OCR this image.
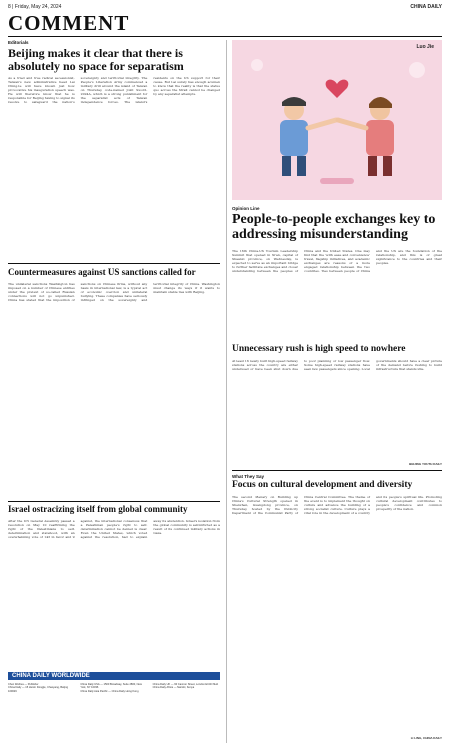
8 | Friday, May 24, 2024	CHINA DAILY
COMMENT
Editorials
Beijing makes it clear that there is absolutely no space for separatism
As a tried and true radical secessionist, Taiwan's new administrative head Lai Ching-te will have known just how provocative his inauguration speech was. He will therefore know that he is responsible for Beijing having to signal its resolve to safeguard the nation's sovereignty and territorial integrity. The People's Liberation Army commenced a military drill around the island of Taiwan on Thursday, code-named Joint Sword-2024A, which is a strong punishment for the separatist acts of Taiwan independence forces. The island's residents on the US support for their cause. But Lai surely has enough acumen to know that the reality is that the status quo across the Strait cannot be changed by any separatist attempts.
Countermeasures against US sanctions called for
The unilateral sanctions Washington has imposed on a number of Chinese entities under the pretext of so-called Russian connections will not go unpunished. China has stated that the imposition of sanctions on Chinese firms, without any basis in international law, is a typical act of economic coercion and unilateral bullying. These companies have seriously infringed on the sovereignty and territorial integrity of China. Washington must change its ways if it wants to maintain stable ties with Beijing.
Israel ostracizing itself from global community
After the UN General Assembly passed a resolution on May 10 reaffirming the right of the Palestinians to self-determination and statehood, with an overwhelming vote of 143 in favor and 9 against, the international consensus that a Palestinian people's right to self-determination cannot be denied is clear. Even the United States, which voted against the resolution, had to explain away its abstention. Israel's isolation from the global community is self-inflicted as a result of its continued military actions in Gaza.
CHINA DAILY WORLDWIDE
Chen Weihua — Publisher
China Daily — 15 Huixin Dongjie, Chaoyang, Beijing 100029
China Daily USA — 1500 Broadway, Suite 2800, New York, NY 10036
China Daily Asia Pacific — China Daily Hong Kong
China Daily UK — 90 Cannon Street, London EC4N 6HA
China Daily Africa — Nairobi, Kenya
Luo Jie
Opinion Line
People-to-people exchanges key to addressing misunderstanding
The 16th China-US Tourism Leadership Summit that opened in Xi'an, capital of Shaanxi province, on Wednesday, is expected to serve as an important bridge to further facilitate exchanges and closer understanding between the peoples of China and the United States. One may find that the 'with ease and convenience' travel, flagship initiatives, and academic exchanges are reasons of a more engaged relationship between the two countries. Ties between people of China and the US are the foundation of the relationship, and this is of great significance to the countries and their peoples.
Unnecessary rush is high speed to nowhere
At least 16 newly built high-speed railway stations across the country are either underused or have been shut down due to poor planning or low passenger flow. Some high-speed railway stations have seen few passengers since opening. Local governments should have a clear picture of the demand before rushing to build infrastructure that stands idle.
BEIJING YOUTH DAILY
What They Say
Focus on cultural development and diversity
The second Plenary on Building up China's Cultural Strength opened in Shenzhen, Guangdong province, on Thursday, hosted by the Publicity Department of the Communist Party of China Central Committee. The theme of the event is to implement the thought on culture and advance the building of a strong socialist culture. Culture plays a vital role in the development of a country and its people's spiritual life. Promoting cultural development contributes to people's confidence and common prosperity of the nation.
LI LING, CHINA DAILY
